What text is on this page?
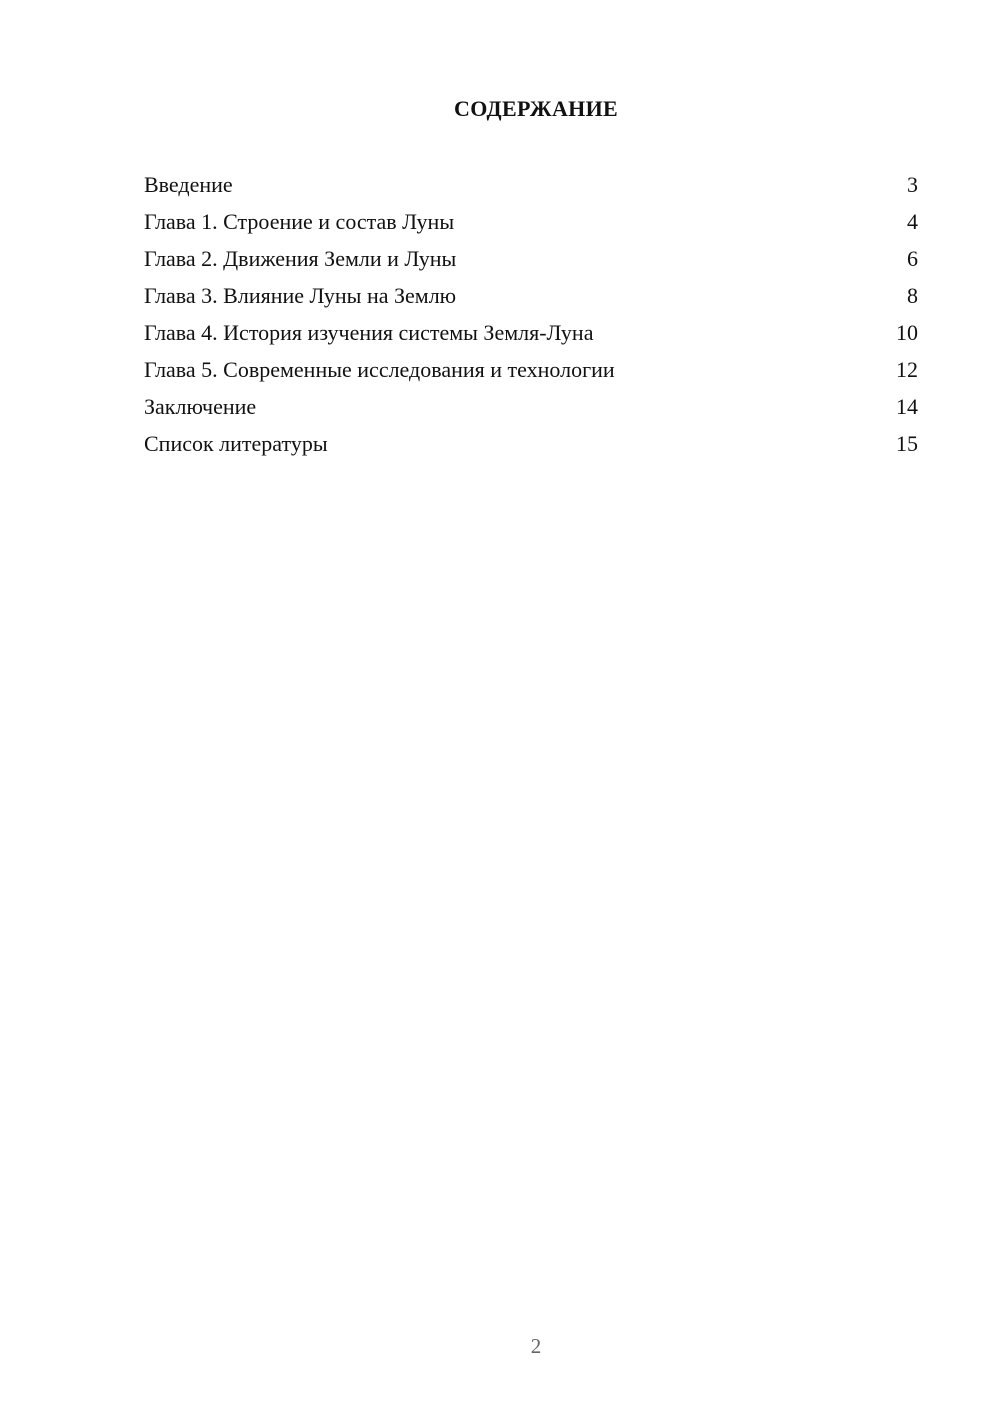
СОДЕРЖАНИЕ
Введение	3
Глава 1. Строение и состав Луны	4
Глава 2. Движения Земли и Луны	6
Глава 3. Влияние Луны на Землю	8
Глава 4. История изучения системы Земля-Луна	10
Глава 5. Современные исследования и технологии	12
Заключение	14
Список литературы	15
2
